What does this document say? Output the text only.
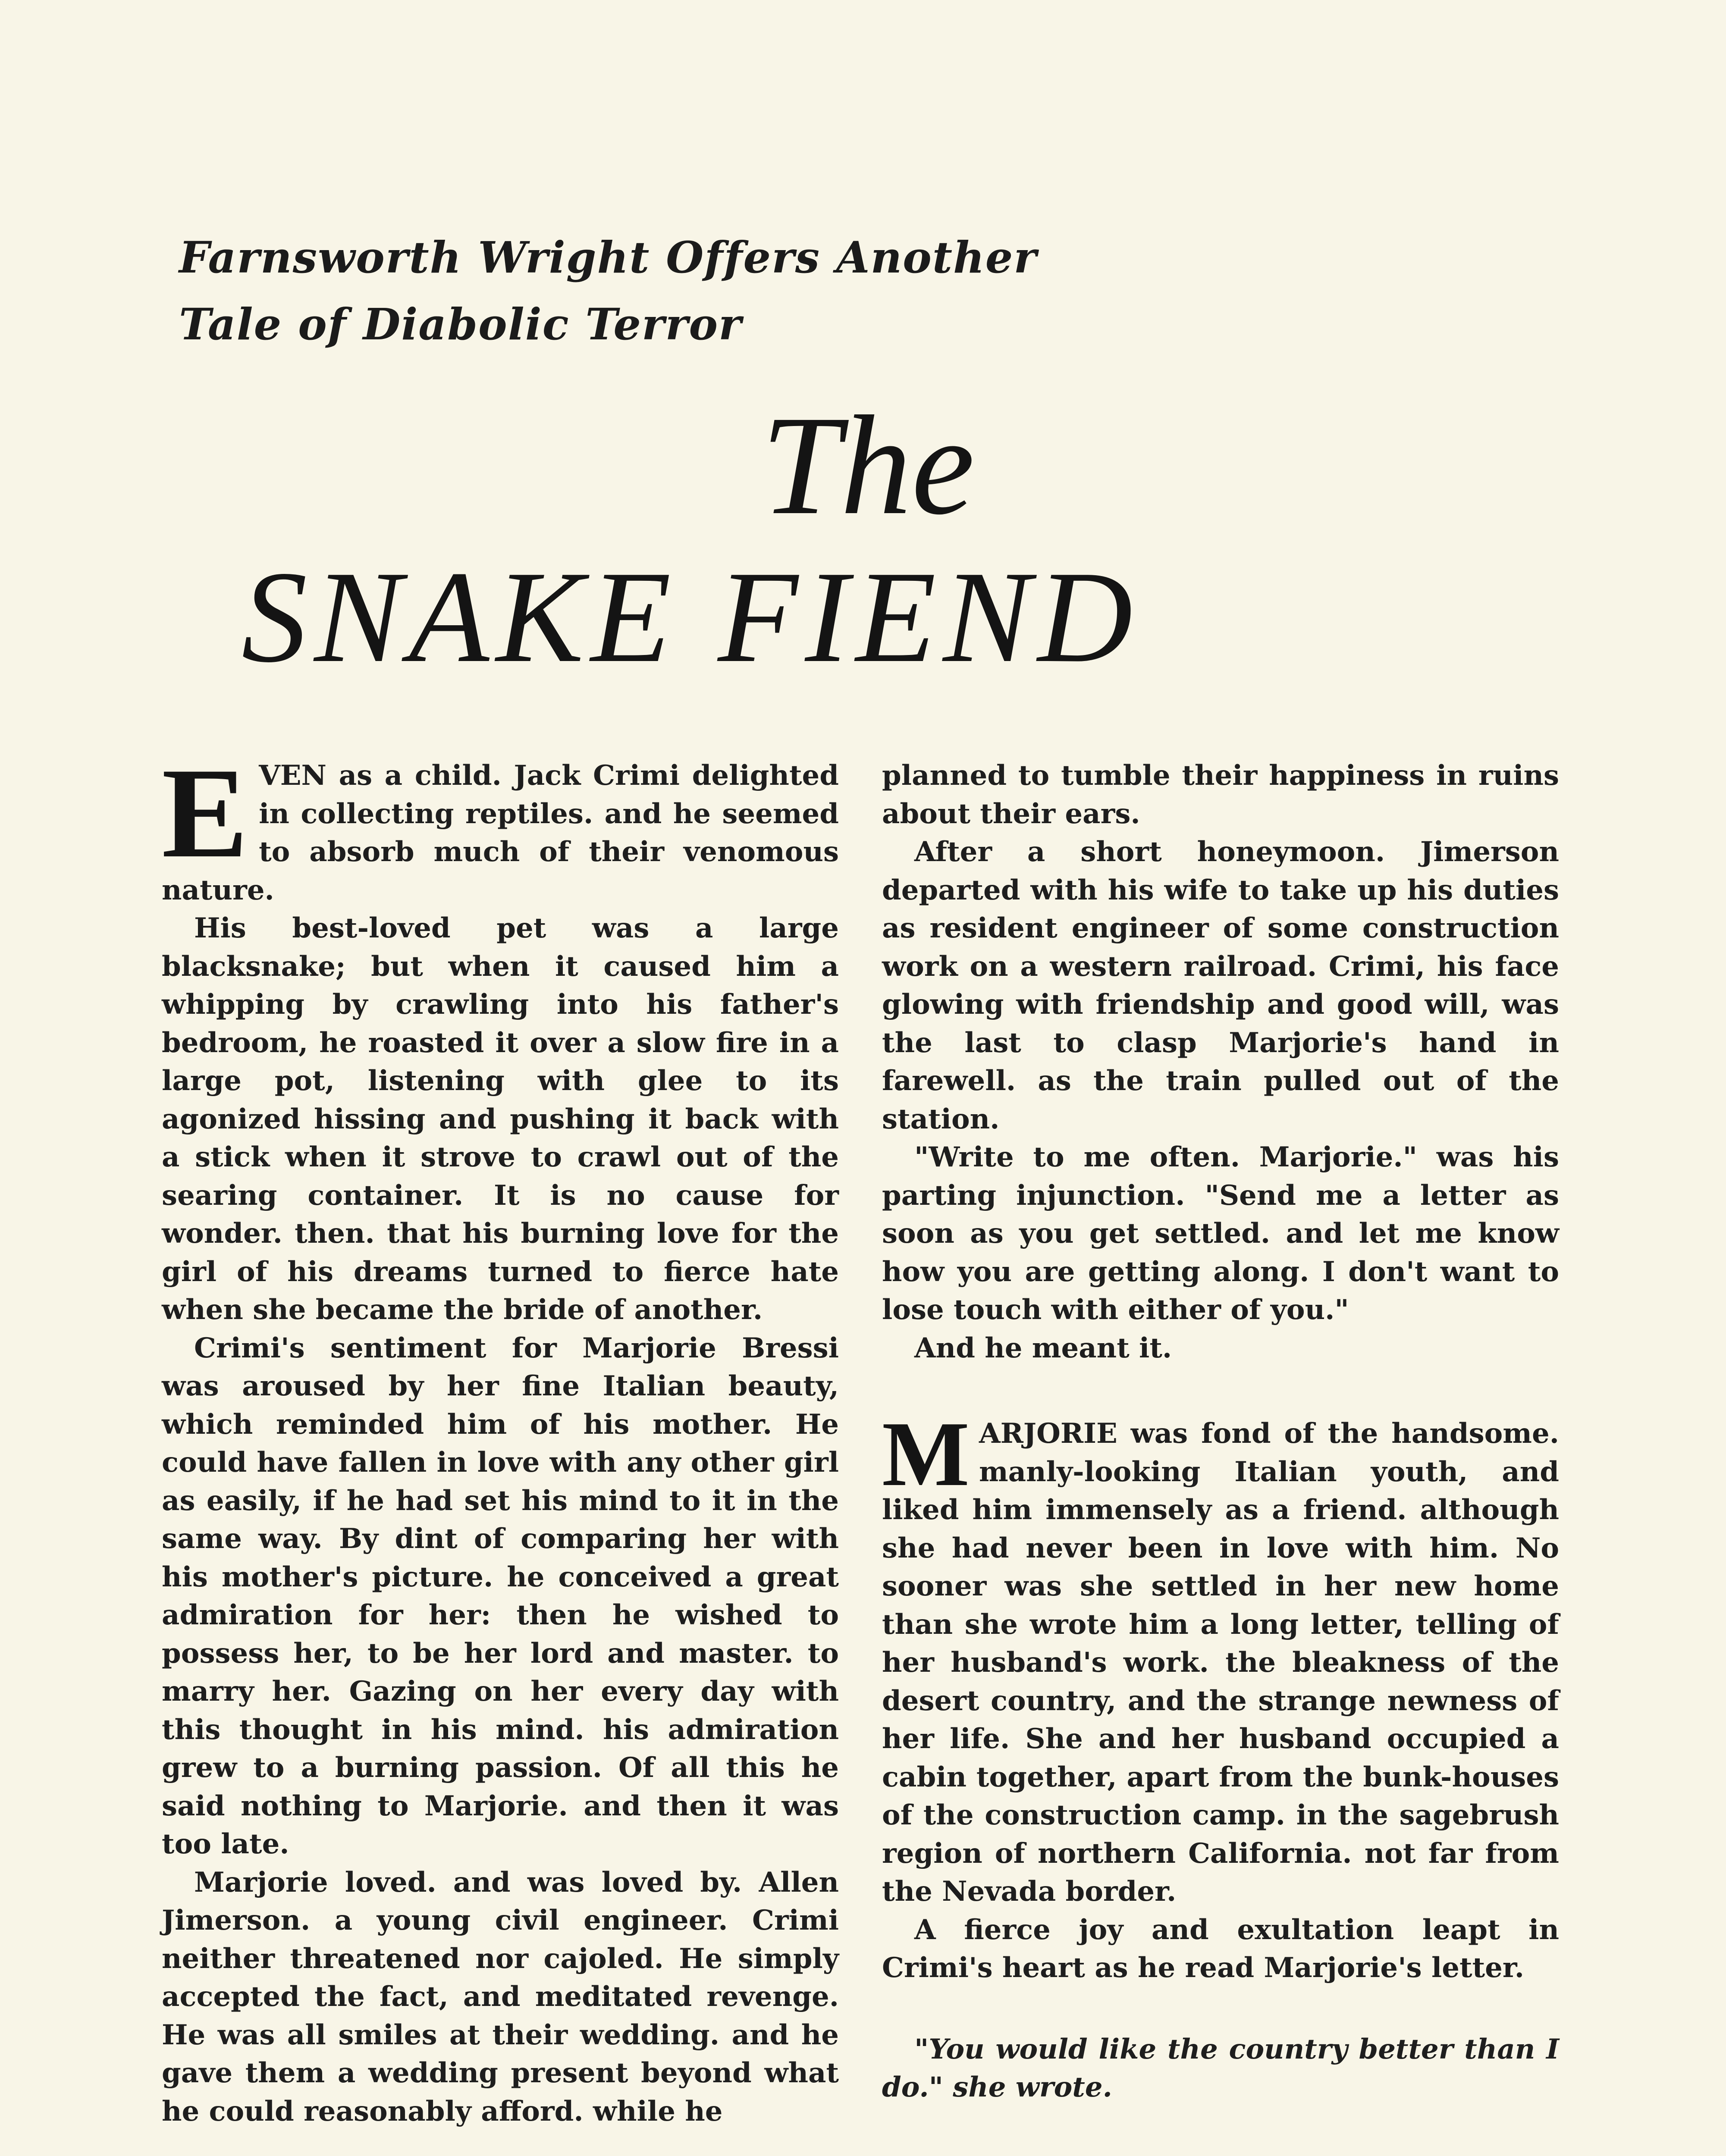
Farnsworth Wright Offers Another
Tale of Diabolic Terror
The
SNAKE FIEND

EVEN as a child. Jack Crimi delighted in collecting reptiles. and he seemed to absorb much of their venomous nature.

His best-loved pet was a large blacksnake; but when it caused him a whipping by crawling into his father's bedroom, he roasted it over a slow fire in a large pot, listening with glee to its agonized hissing and pushing it back with a stick when it strove to crawl out of the searing container. It is no cause for wonder. then. that his burning love for the girl of his dreams turned to fierce hate when she became the bride of another.

Crimi's sentiment for Marjorie Bressi was aroused by her fine Italian beauty, which reminded him of his mother. He could have fallen in love with any other girl as easily, if he had set his mind to it in the same way. By dint of comparing her with his mother's picture. he conceived a great admiration for her: then he wished to possess her, to be her lord and master. to marry her. Gazing on her every day with this thought in his mind. his admiration grew to a burning passion. Of all this he said nothing to Marjorie. and then it was too late.

Marjorie loved. and was loved by. Allen Jimerson. a young civil engineer. Crimi neither threatened nor cajoled. He simply accepted the fact, and meditated revenge. He was all smiles at their wedding. and he gave them a wedding present beyond what he could reasonably afford. while he

planned to tumble their happiness in ruins about their ears.

After a short honeymoon. Jimerson departed with his wife to take up his duties as resident engineer of some construction work on a western railroad. Crimi, his face glowing with friendship and good will, was the last to clasp Marjorie's hand in farewell. as the train pulled out of the station.

"Write to me often. Marjorie." was his parting injunction. "Send me a letter as soon as you get settled. and let me know how you are getting along. I don't want to lose touch with either of you."

And he meant it.

MARJORIE was fond of the handsome. manly-looking Italian youth, and liked him immensely as a friend. although she had never been in love with him. No sooner was she settled in her new home than she wrote him a long letter, telling of her husband's work. the bleakness of the desert country, and the strange newness of her life. She and her husband occupied a cabin together, apart from the bunk-houses of the construction camp. in the sagebrush region of northern California. not far from the Nevada border.

A fierce joy and exultation leapt in Crimi's heart as he read Marjorie's letter.

"You would like the country better than I do." she wrote.
